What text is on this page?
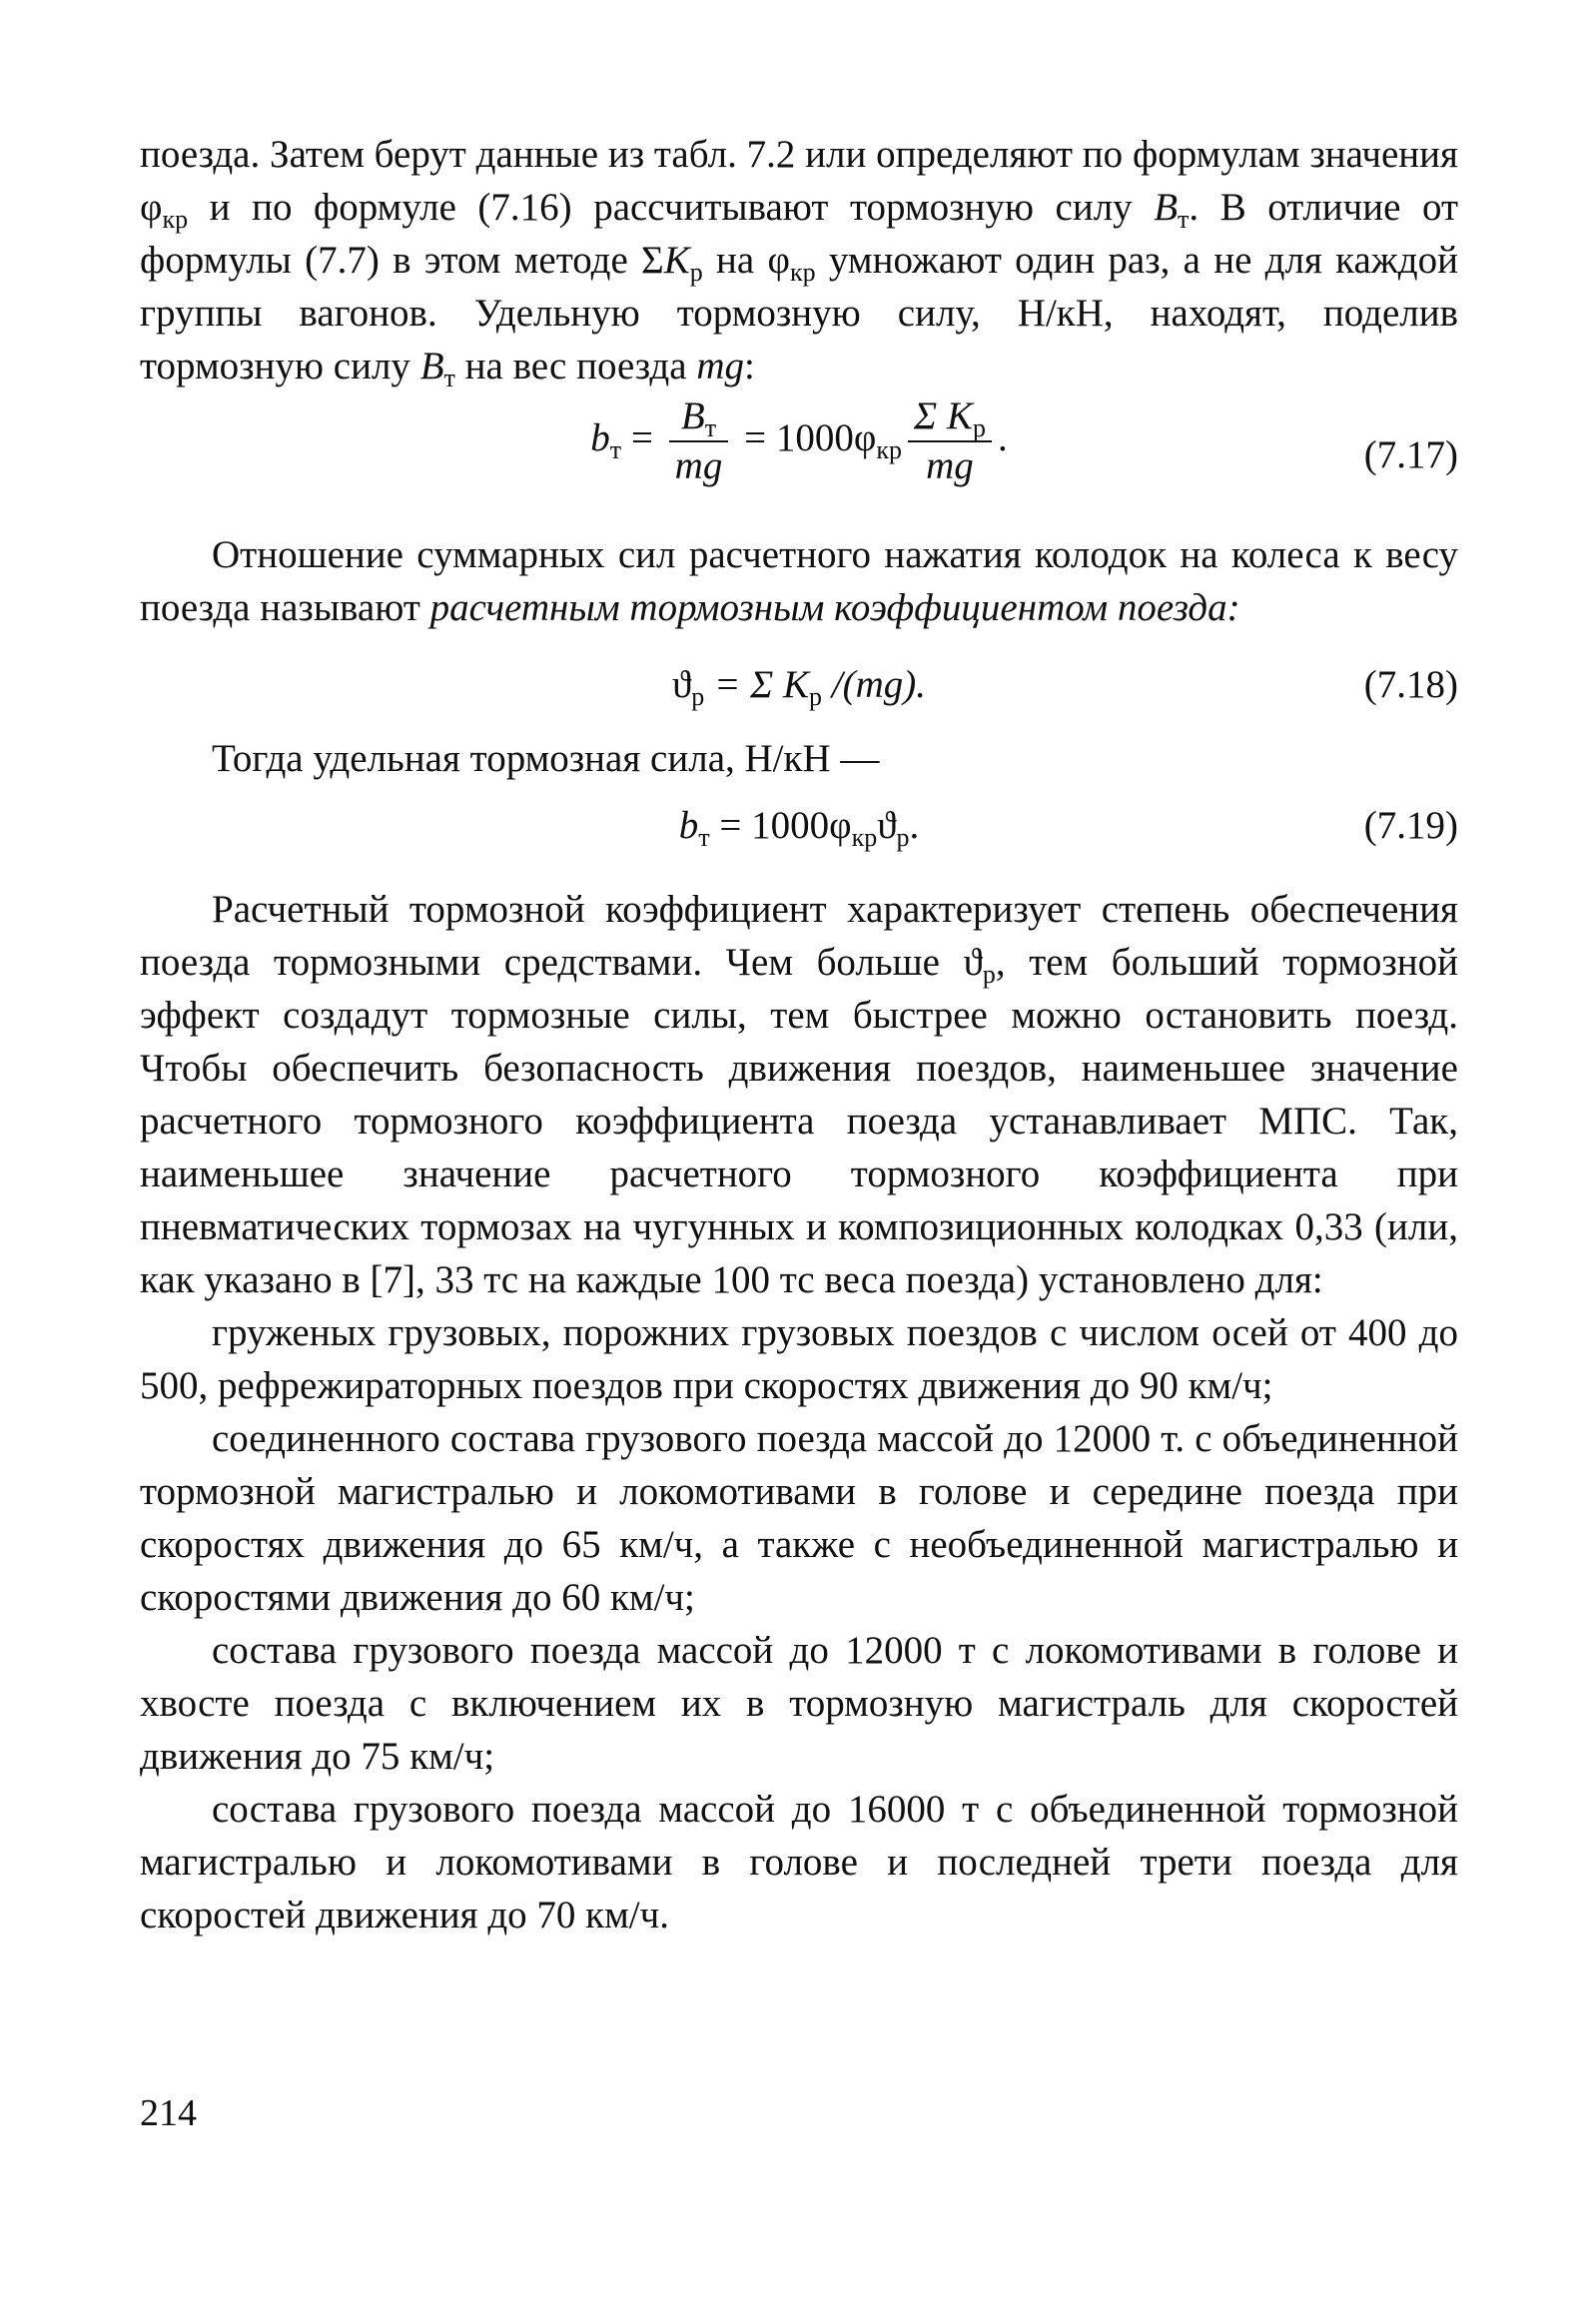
поезда. Затем берут данные из табл. 7.2 или определяют по формулам значения $\varphi_{кр}$ и по формуле (7.16) рассчитывают тормозную силу $B_т$. В отличие от формулы (7.7) в этом методе $\Sigma K_р$ на $\varphi_{кр}$ умножают один раз, а не для каждой группы вагонов. Удельную тормозную силу, Н/кН, находят, поделив тормозную силу $B_т$ на вес поезда mg:

$b_т = \frac{B_т}{mg} = 1000\varphi_{кр} \frac{\Sigma K_р}{mg}$ .	(7.17)

Отношение суммарных сил расчетного нажатия колодок на колеса к весу поезда называют расчетным тормозным коэффициентом поезда:

$ϑ_р = \Sigma$ $K_р$ /(mg).	(7.18)

Тогда удельная тормозная сила, Н/кН —

$b_т = 1000\varphi_{кр}ϑ_р$.	(7.19)

Расчетный тормозной коэффициент характеризует степень обеспечения поезда тормозными средствами. Чем больше $ϑ_р$, тем больший тормозной эффект создадут тормозные силы, тем быстрее можно остановить поезд. Чтобы обеспечить безопасность движения поездов, наименьшее значение расчетного тормозного коэффициента поезда устанавливает МПС. Так, наименьшее значение расчетного тормозного коэффициента при пневматических тормозах на чугунных и композиционных колодках 0,33 (или, как указано в [7], 33 тс на каждые 100 тс веса поезда) установлено для:

груженых грузовых, порожних грузовых поездов с числом осей от 400 до 500, рефрежираторных поездов при скоростях движения до 90 км/ч;

соединенного состава грузового поезда массой до 12000 т. с объединенной тормозной магистралью и локомотивами в голове и середине поезда при скоростях движения до 65 км/ч, а также с необъединенной магистралью и скоростями движения до 60 км/ч;

состава грузового поезда массой до 12000 т с локомотивами в голове и хвосте поезда с включением их в тормозную магистраль для скоростей движения до 75 км/ч;

состава грузового поезда массой до 16000 т с объединенной тормозной магистралью и локомотивами в голове и последней трети поезда для скоростей движения до 70 км/ч.

214
